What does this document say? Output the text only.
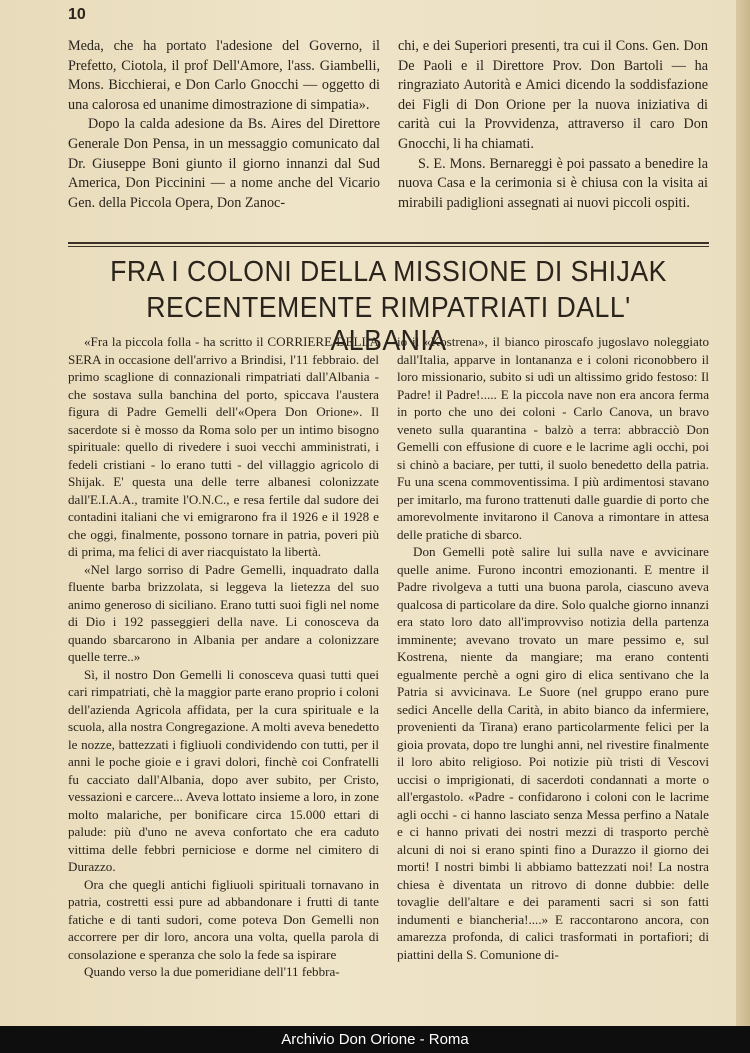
10

Meda, che ha portato l'adesione del Governo, il Prefetto, Ciotola, il prof Dell'Amore, l'ass. Giambelli, Mons. Bicchierai, e Don Carlo Gnocchi — oggetto di una calorosa ed unanime dimostrazione di simpatia».

Dopo la calda adesione da Bs. Aires del Direttore Generale Don Pensa, in un messaggio comunicato dal Dr. Giuseppe Boni giunto il giorno innanzi dal Sud America, Don Piccinini — a nome anche del Vicario Gen. della Piccola Opera, Don Zanoc-

chi, e dei Superiori presenti, tra cui il Cons. Gen. Don De Paoli e il Direttore Prov. Don Bartoli — ha ringraziato Autorità e Amici dicendo la soddisfazione dei Figli di Don Orione per la nuova iniziativa di carità cui la Provvidenza, attraverso il caro Don Gnocchi, li ha chiamati.

S. E. Mons. Bernareggi è poi passato a benedire la nuova Casa e la cerimonia si è chiusa con la visita ai mirabili padiglioni assegnati ai nuovi piccoli ospiti.

FRA I COLONI DELLA MISSIONE DI SHIJAK
RECENTEMENTE RIMPATRIATI DALL' ALBANIA

«Fra la piccola folla - ha scritto il CORRIERE DELLA SERA in occasione dell'arrivo a Brindisi, l'11 febbraio. del primo scaglione di connazionali rimpatriati dall'Albania - che sostava sulla banchina del porto, spiccava l'austera figura di Padre Gemelli dell'«Opera Don Orione». Il sacerdote si è mosso da Roma solo per un intimo bisogno spirituale: quello di rivedere i suoi vecchi amministrati, i fedeli cristiani - lo erano tutti - del villaggio agricolo di Shijak. E' questa una delle terre albanesi colonizzate dall'E.I.A.A., tramite l'O.N.C., e resa fertile dal sudore dei contadini italiani che vi emigrarono fra il 1926 e il 1928 e che oggi, finalmente, possono tornare in patria, poveri più di prima, ma felici di aver riacquistato la libertà.

«Nel largo sorriso di Padre Gemelli, inquadrato dalla fluente barba brizzolata, si leggeva la lietezza del suo animo generoso di siciliano. Erano tutti suoi figli nel nome di Dio i 192 passeggieri della nave. Li conosceva da quando sbarcarono in Albania per andare a colonizzare quelle terre..»

Sì, il nostro Don Gemelli li conosceva quasi tutti quei cari rimpatriati, chè la maggior parte erano proprio i coloni dell'azienda Agricola affidata, per la cura spirituale e la scuola, alla nostra Congregazione. A molti aveva benedetto le nozze, battezzati i figliuoli condividendo con tutti, per il anni le poche gioie e i gravi dolori, finchè coi Confratelli fu cacciato dall'Albania, dopo aver subito, per Cristo, vessazioni e carcere... Aveva lottato insieme a loro, in zone molto malariche, per bonificare circa 15.000 ettari di palude: più d'uno ne aveva confortato che era caduto vittima delle febbri perniciose e dorme nel cimitero di Durazzo.

Ora che quegli antichi figliuoli spirituali tornavano in patria, costretti essi pure ad abbandonare i frutti di tante fatiche e di tanti sudori, come poteva Don Gemelli non accorrere per dir loro, ancora una volta, quella parola di consolazione e speranza che solo la fede sa ispirare

Quando verso la due pomeridiane dell'11 febbra-

io il «Kostrena», il bianco piroscafo jugoslavo noleggiato dall'Italia, apparve in lontananza e i coloni riconobbero il loro missionario, subito si udì un altissimo grido festoso: Il Padre! il Padre!..... E la piccola nave non era ancora ferma in porto che uno dei coloni - Carlo Canova, un bravo veneto sulla quarantina - balzò a terra: abbracciò Don Gemelli con effusione di cuore e le lacrime agli occhi, poi si chinò a baciare, per tutti, il suolo benedetto della patria. Fu una scena commoventissima. I più ardimentosi stavano per imitarlo, ma furono trattenuti dalle guardie di porto che amorevolmente invitarono il Canova a rimontare in attesa delle pratiche di sbarco.

Don Gemelli potè salire lui sulla nave e avvicinare quelle anime. Furono incontri emozionanti. E mentre il Padre rivolgeva a tutti una buona parola, ciascuno aveva qualcosa di particolare da dire. Solo qualche giorno innanzi era stato loro dato all'improvviso notizia della partenza imminente; avevano trovato un mare pessimo e, sul Kostrena, niente da mangiare; ma erano contenti egualmente perchè a ogni giro di elica sentivano che la Patria si avvicinava. Le Suore (nel gruppo erano pure sedici Ancelle della Carità, in abito bianco da infermiere, provenienti da Tirana) erano particolarmente felici per la gioia provata, dopo tre lunghi anni, nel rivestire finalmente il loro abito religioso. Poi notizie più tristi di Vescovi uccisi o imprigionati, di sacerdoti condannati a morte o all'ergastolo. «Padre - confidarono i coloni con le lacrime agli occhi - ci hanno lasciato senza Messa perfino a Natale e ci hanno privati dei nostri mezzi di trasporto perchè alcuni di noi si erano spinti fino a Durazzo il giorno dei morti! I nostri bimbi li abbiamo battezzati noi! La nostra chiesa è diventata un ritrovo di donne dubbie: delle tovaglie dell'altare e dei paramenti sacri si son fatti indumenti e biancheria!....» E raccontarono ancora, con amarezza profonda, di calici trasformati in portafiori; di piattini della S. Comunione di-

Archivio Don Orione - Roma
